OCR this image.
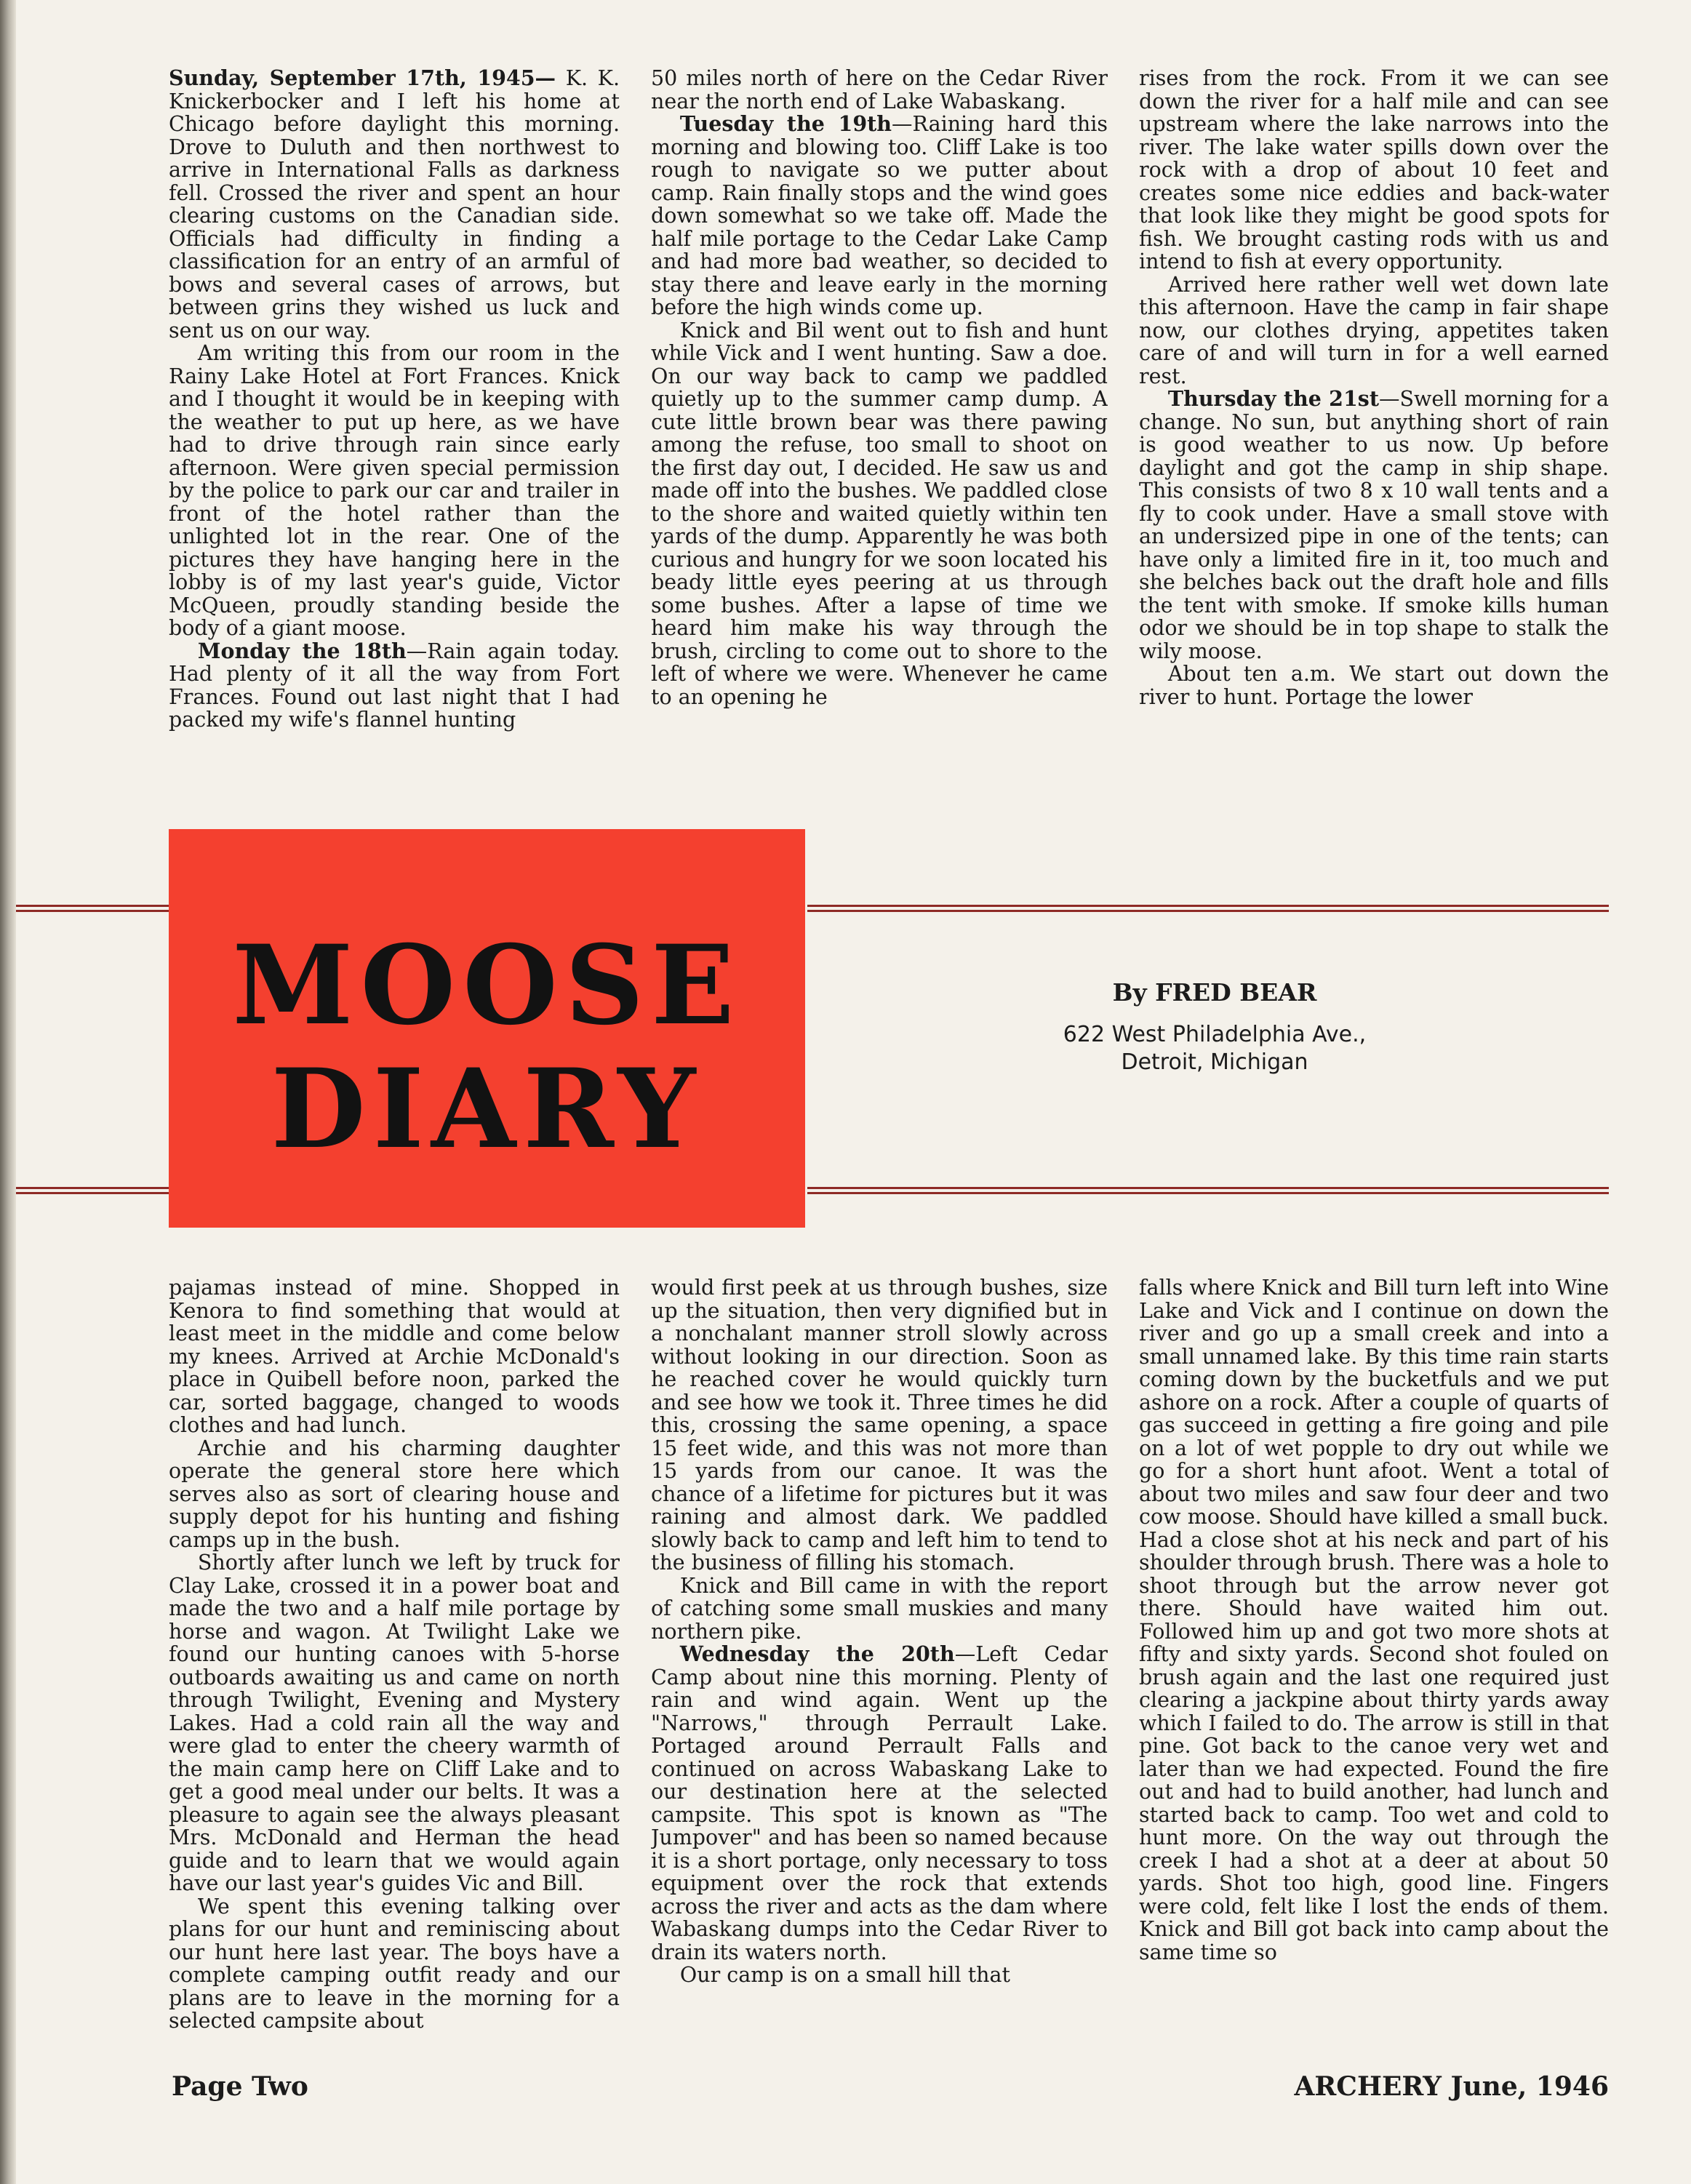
Sunday, September 17th, 1945— K. K. Knickerbocker and I left his home at Chicago before daylight this morning. Drove to Duluth and then northwest to arrive in International Falls as darkness fell. Crossed the river and spent an hour clearing customs on the Canadian side. Officials had difficulty in finding a classification for an entry of an armful of bows and several cases of arrows, but between grins they wished us luck and sent us on our way.

Am writing this from our room in the Rainy Lake Hotel at Fort Frances. Knick and I thought it would be in keeping with the weather to put up here, as we have had to drive through rain since early afternoon. Were given special permission by the police to park our car and trailer in front of the hotel rather than the unlighted lot in the rear. One of the pictures they have hanging here in the lobby is of my last year's guide, Victor McQueen, proudly standing beside the body of a giant moose.

Monday the 18th—Rain again today. Had plenty of it all the way from Fort Frances. Found out last night that I had packed my wife's flannel hunting

50 miles north of here on the Cedar River near the north end of Lake Wabaskang.

Tuesday the 19th—Raining hard this morning and blowing too. Cliff Lake is too rough to navigate so we putter about camp. Rain finally stops and the wind goes down somewhat so we take off. Made the half mile portage to the Cedar Lake Camp and had more bad weather, so decided to stay there and leave early in the morning before the high winds come up.

Knick and Bil went out to fish and hunt while Vick and I went hunting. Saw a doe. On our way back to camp we paddled quietly up to the summer camp dump. A cute little brown bear was there pawing among the refuse, too small to shoot on the first day out, I decided. He saw us and made off into the bushes. We paddled close to the shore and waited quietly within ten yards of the dump. Apparently he was both curious and hungry for we soon located his beady little eyes peering at us through some bushes. After a lapse of time we heard him make his way through the brush, circling to come out to shore to the left of where we were. Whenever he came to an opening he

rises from the rock. From it we can see down the river for a half mile and can see upstream where the lake narrows into the river. The lake water spills down over the rock with a drop of about 10 feet and creates some nice eddies and back-water that look like they might be good spots for fish. We brought casting rods with us and intend to fish at every opportunity.

Arrived here rather well wet down late this afternoon. Have the camp in fair shape now, our clothes drying, appetites taken care of and will turn in for a well earned rest.

Thursday the 21st—Swell morning for a change. No sun, but anything short of rain is good weather to us now. Up before daylight and got the camp in ship shape. This consists of two 8 x 10 wall tents and a fly to cook under. Have a small stove with an undersized pipe in one of the tents; can have only a limited fire in it, too much and she belches back out the draft hole and fills the tent with smoke. If smoke kills human odor we should be in top shape to stalk the wily moose.

About ten a.m. We start out down the river to hunt. Portage the lower

MOOSE
DIARY
By FRED BEAR
622 West Philadelphia Ave.,
Detroit, Michigan

pajamas instead of mine. Shopped in Kenora to find something that would at least meet in the middle and come below my knees. Arrived at Archie McDonald's place in Quibell before noon, parked the car, sorted baggage, changed to woods clothes and had lunch.

Archie and his charming daughter operate the general store here which serves also as sort of clearing house and supply depot for his hunting and fishing camps up in the bush.

Shortly after lunch we left by truck for Clay Lake, crossed it in a power boat and made the two and a half mile portage by horse and wagon. At Twilight Lake we found our hunting canoes with 5-horse outboards awaiting us and came on north through Twilight, Evening and Mystery Lakes. Had a cold rain all the way and were glad to enter the cheery warmth of the main camp here on Cliff Lake and to get a good meal under our belts. It was a pleasure to again see the always pleasant Mrs. McDonald and Herman the head guide and to learn that we would again have our last year's guides Vic and Bill.

We spent this evening talking over plans for our hunt and reminiscing about our hunt here last year. The boys have a complete camping outfit ready and our plans are to leave in the morning for a selected campsite about

would first peek at us through bushes, size up the situation, then very dignified but in a nonchalant manner stroll slowly across without looking in our direction. Soon as he reached cover he would quickly turn and see how we took it. Three times he did this, crossing the same opening, a space 15 feet wide, and this was not more than 15 yards from our canoe. It was the chance of a lifetime for pictures but it was raining and almost dark. We paddled slowly back to camp and left him to tend to the business of filling his stomach.

Knick and Bill came in with the report of catching some small muskies and many northern pike.

Wednesday the 20th—Left Cedar Camp about nine this morning. Plenty of rain and wind again. Went up the "Narrows," through Perrault Lake. Portaged around Perrault Falls and continued on across Wabaskang Lake to our destination here at the selected campsite. This spot is known as "The Jumpover" and has been so named because it is a short portage, only necessary to toss equipment over the rock that extends across the river and acts as the dam where Wabaskang dumps into the Cedar River to drain its waters north.

Our camp is on a small hill that

falls where Knick and Bill turn left into Wine Lake and Vick and I continue on down the river and go up a small creek and into a small unnamed lake. By this time rain starts coming down by the bucketfuls and we put ashore on a rock. After a couple of quarts of gas succeed in getting a fire going and pile on a lot of wet popple to dry out while we go for a short hunt afoot. Went a total of about two miles and saw four deer and two cow moose. Should have killed a small buck. Had a close shot at his neck and part of his shoulder through brush. There was a hole to shoot through but the arrow never got there. Should have waited him out. Followed him up and got two more shots at fifty and sixty yards. Second shot fouled on brush again and the last one required just clearing a jackpine about thirty yards away which I failed to do. The arrow is still in that pine. Got back to the canoe very wet and later than we had expected. Found the fire out and had to build another, had lunch and started back to camp. Too wet and cold to hunt more. On the way out through the creek I had a shot at a deer at about 50 yards. Shot too high, good line. Fingers were cold, felt like I lost the ends of them. Knick and Bill got back into camp about the same time so

Page Two	ARCHERY June, 1946
